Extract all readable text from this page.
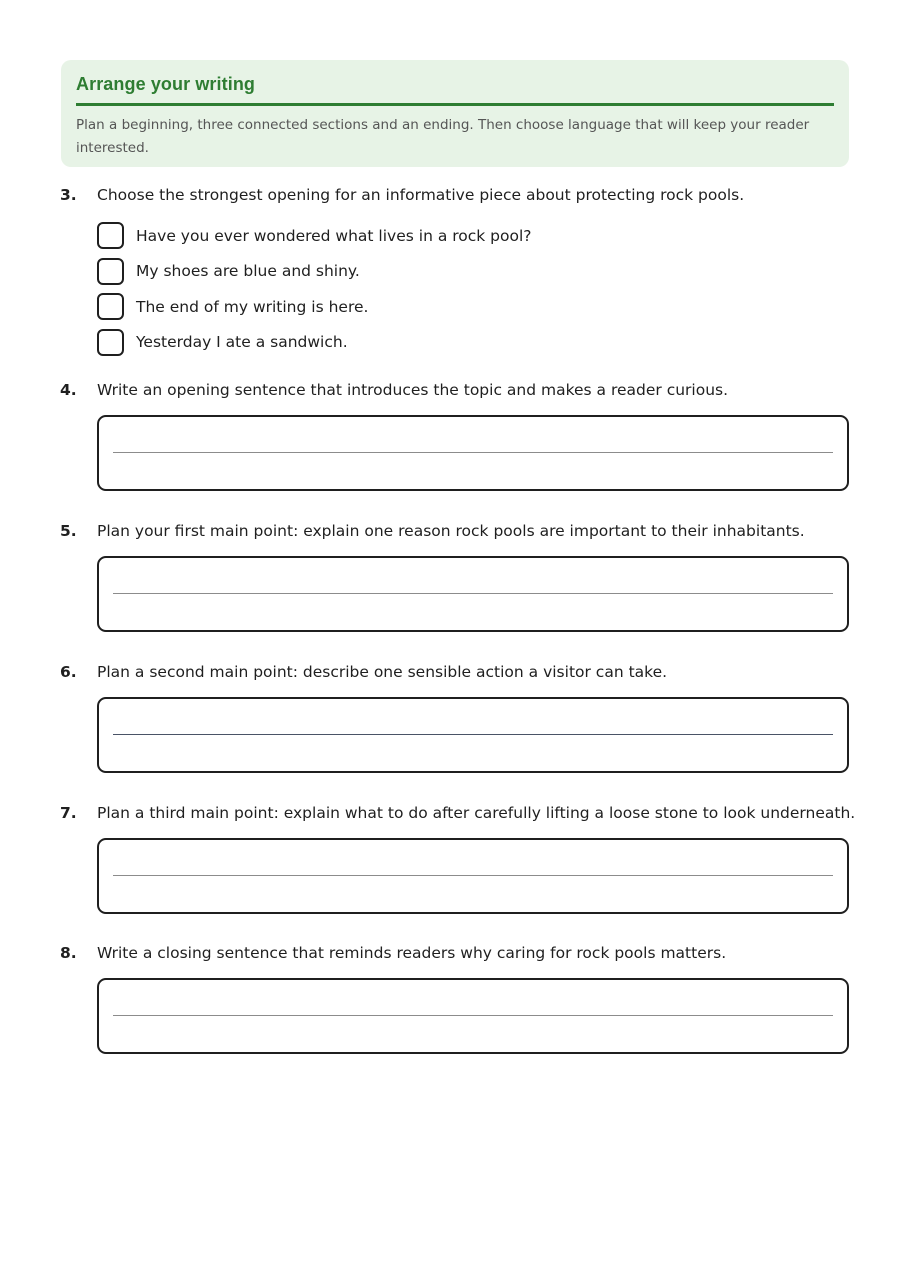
Arrange your writing
Plan a beginning, three connected sections and an ending. Then choose language that will keep your reader interested.
3.	Choose the strongest opening for an informative piece about protecting rock pools.
Have you ever wondered what lives in a rock pool?
My shoes are blue and shiny.
The end of my writing is here.
Yesterday I ate a sandwich.
4.	Write an opening sentence that introduces the topic and makes a reader curious.
5.	Plan your first main point: explain one reason rock pools are important to their inhabitants.
6.	Plan a second main point: describe one sensible action a visitor can take.
7.	Plan a third main point: explain what to do after carefully lifting a loose stone to look underneath.
8.	Write a closing sentence that reminds readers why caring for rock pools matters.
